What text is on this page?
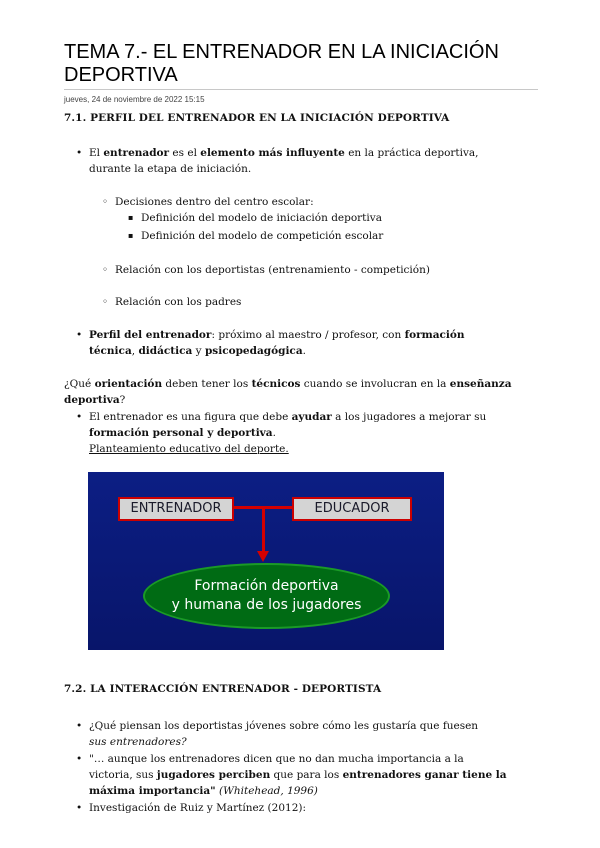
TEMA 7.- EL ENTRENADOR EN LA INICIACIÓN DEPORTIVA
jueves, 24 de noviembre de 2022 15:15
7.1. PERFIL DEL ENTRENADOR EN LA INICIACIÓN DEPORTIVA
• El entrenador es el elemento más influyente en la práctica deportiva,
durante la etapa de iniciación.
◦ Decisiones dentro del centro escolar:
▪ Definición del modelo de iniciación deportiva
▪ Definición del modelo de competición escolar
◦ Relación con los deportistas (entrenamiento - competición)
◦ Relación con los padres
• Perfil del entrenador: próximo al maestro / profesor, con formación
técnica, didáctica y psicopedagógica.
¿Qué orientación deben tener los técnicos cuando se involucran en la enseñanza
deportiva?
• El entrenador es una figura que debe ayudar a los jugadores a mejorar su
formación personal y deportiva.
Planteamiento educativo del deporte.
ENTRENADOR	EDUCADOR
Formación deportiva
y humana de los jugadores
7.2. LA INTERACCIÓN ENTRENADOR - DEPORTISTA
• ¿Qué piensan los deportistas jóvenes sobre cómo les gustaría que fuesen
sus entrenadores?
• "… aunque los entrenadores dicen que no dan mucha importancia a la
victoria, sus jugadores perciben que para los entrenadores ganar tiene la
máxima importancia" (Whitehead, 1996)
• Investigación de Ruiz y Martínez (2012):
